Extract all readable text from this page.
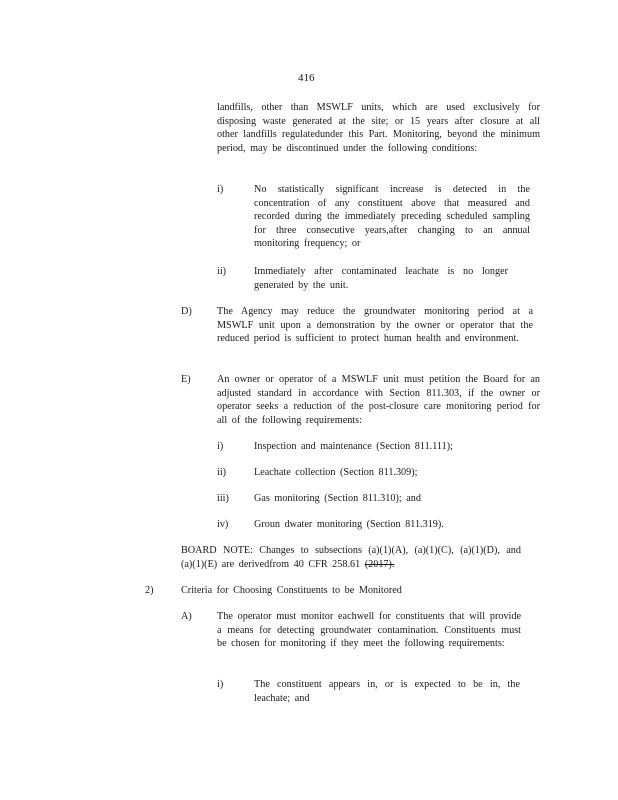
416
landfills, other than MSWLF units, which are used exclusively for disposing waste generated at the site; or 15 years after closure at all other landfills regulatedunder this Part. Monitoring, beyond the minimum period, may be discontinued under the following conditions:
i)	No statistically significant increase is detected in the concentration of any constituent above that measured and recorded during the immediately preceding scheduled sampling for three consecutive years,after changing to an annual monitoring frequency; or
ii)	Immediately after contaminated leachate is no longer generated by the unit.
D) The Agency may reduce the groundwater monitoring period at a MSWLF unit upon a demonstration by the owner or operator that the reduced period is sufficient to protect human health and environment.
E)	An owner or operator of a MSWLF unit must petition the Board for an adjusted standard in accordance with Section 811.303, if the owner or operator seeks a reduction of the post-closure care monitoring period for all of the following requirements:
i)	Inspection and maintenance (Section 811.111);
ii)	Leachate collection (Section 811.309);
iii) Gas monitoring (Section 811.310); and
iv)	Groun dwater monitoring (Section 811.319).
BOARD NOTE: Changes to subsections (a)(1)(A), (a)(1)(C), (a)(1)(D), and (a)(1)(E) are derivedfrom 40 CFR 258.61 (2017).
2)	Criteria for Choosing Constituents to be Monitored
A) The operator must monitor eachwell for constituents that will provide a means for detecting groundwater contamination. Constituents must be chosen for monitoring if they meet the following requirements:
i)	The constituent appears in, or is expected to be in, the leachate; and
